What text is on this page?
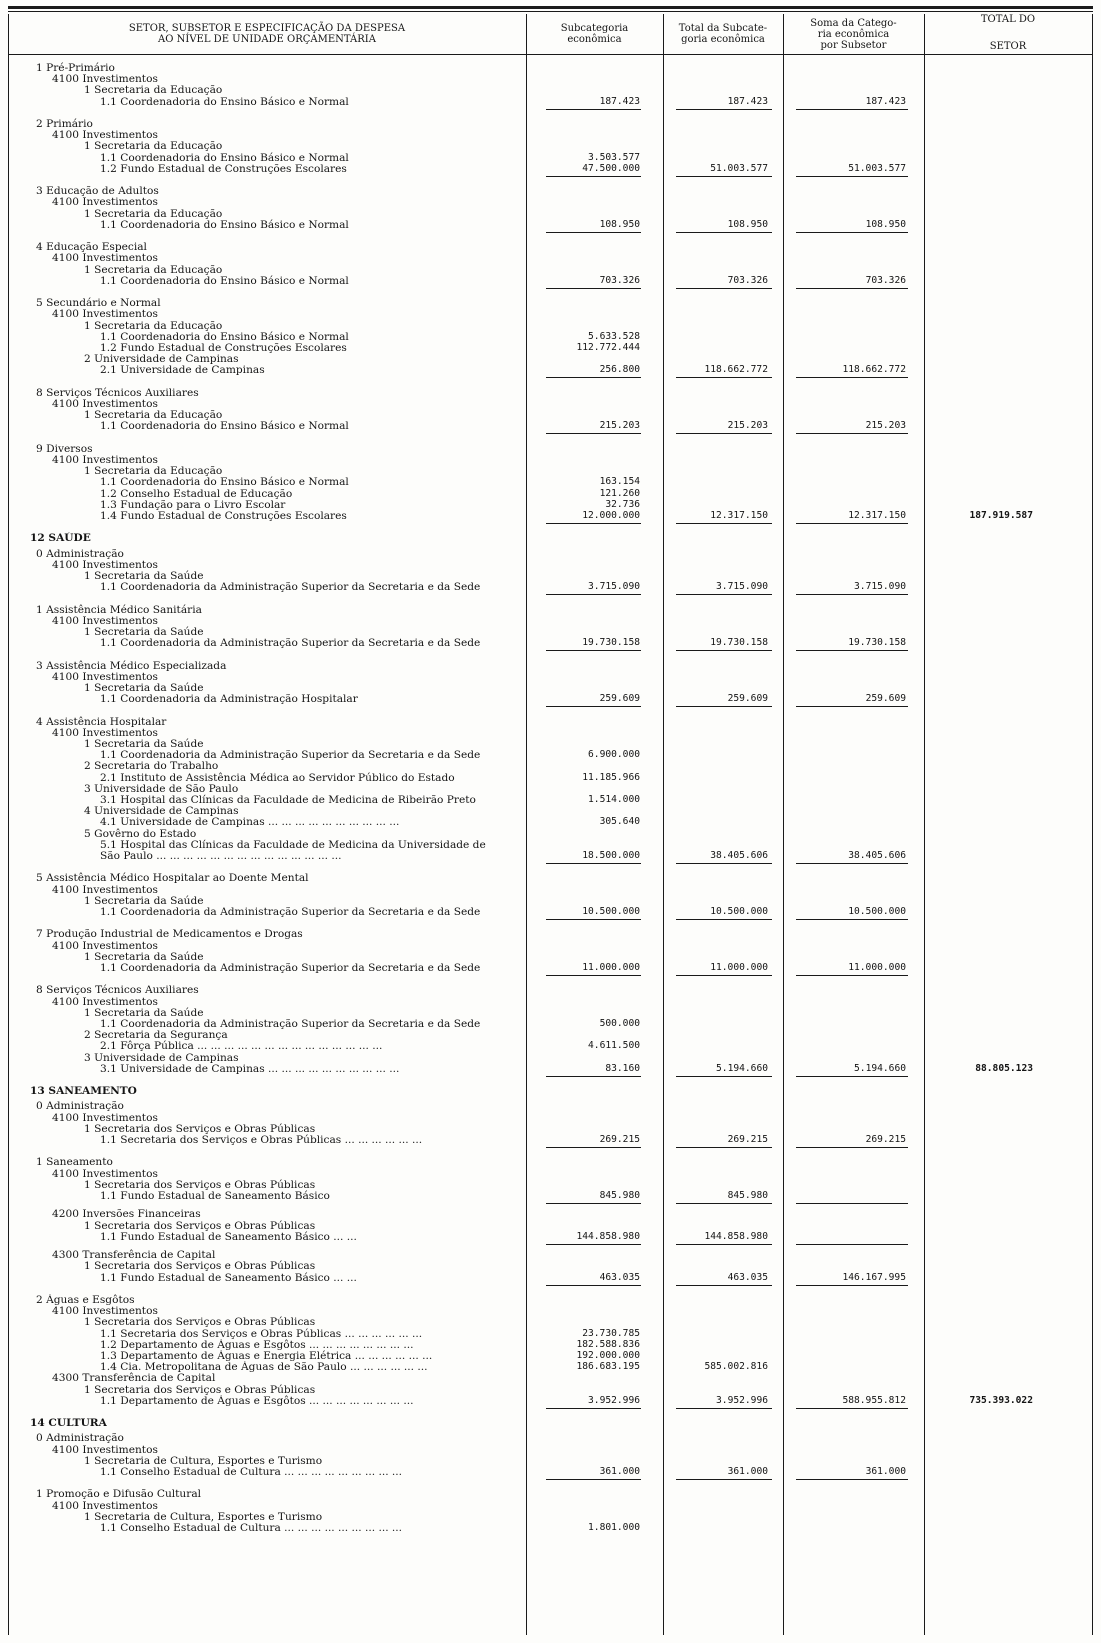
SETOR, SUBSETOR E ESPECIFICAÇÃO DA DESPESA
AO NÍVEL DE UNIDADE ORÇAMENTÁRIA
Subcategoria
econômica
Total da Subcate-
goria econômica
Soma da Catego-
ria econômica
por Subsetor
TOTAL DO
SETOR
1 Pré-Primário
4100 Investimentos
1 Secretaria da Educação
1.1 Coordenadoria do Ensino Básico e Normal	187.423	187.423	187.423
2 Primário
4100 Investimentos
1 Secretaria da Educação
1.1 Coordenadoria do Ensino Básico e Normal	3.503.577
1.2 Fundo Estadual de Construções Escolares	47.500.000	51.003.577	51.003.577
3 Educação de Adultos
4100 Investimentos
1 Secretaria da Educação
1.1 Coordenadoria do Ensino Básico e Normal	108.950	108.950	108.950
4 Educação Especial
4100 Investimentos
1 Secretaria da Educação
1.1 Coordenadoria do Ensino Básico e Normal	703.326	703.326	703.326
5 Secundário e Normal
4100 Investimentos
1 Secretaria da Educação
1.1 Coordenadoria do Ensino Básico e Normal	5.633.528
1.2 Fundo Estadual de Construções Escolares	112.772.444
2 Universidade de Campinas
2.1 Universidade de Campinas	256.800	118.662.772	118.662.772
8 Serviços Técnicos Auxiliares
4100 Investimentos
1 Secretaria da Educação
1.1 Coordenadoria do Ensino Básico e Normal	215.203	215.203	215.203
9 Diversos
4100 Investimentos
1 Secretaria da Educação
1.1 Coordenadoria do Ensino Básico e Normal	163.154
1.2 Conselho Estadual de Educação	121.260
1.3 Fundação para o Livro Escolar	32.736
1.4 Fundo Estadual de Construções Escolares	12.000.000	12.317.150	12.317.150	187.919.587
12 SAÚDE
0 Administração
4100 Investimentos
1 Secretaria da Saúde
1.1 Coordenadoria da Administração Superior da Secretaria e da Sede	3.715.090	3.715.090	3.715.090
1 Assistência Médico Sanitária
4100 Investimentos
1 Secretaria da Saúde
1.1 Coordenadoria da Administração Superior da Secretaria e da Sede	19.730.158	19.730.158	19.730.158
3 Assistência Médico Especializada
4100 Investimentos
1 Secretaria da Saúde
1.1 Coordenadoria da Administração Hospitalar	259.609	259.609	259.609
4 Assistência Hospitalar
4100 Investimentos
1 Secretaria da Saúde
1.1 Coordenadoria da Administração Superior da Secretaria e da Sede	6.900.000
2 Secretaria do Trabalho
2.1 Instituto de Assistência Médica ao Servidor Público do Estado	11.185.966
3 Universidade de São Paulo
3.1 Hospital das Clínicas da Faculdade de Medicina de Ribeirão Preto	1.514.000
4 Universidade de Campinas
4.1 Universidade de Campinas ... ... ... ... ... ... ... ... ... ...	305.640
5 Govêrno do Estado
5.1 Hospital das Clínicas da Faculdade de Medicina da Universidade de
São Paulo ... ... ... ... ... ... ... ... ... ... ... ... ... ...	18.500.000	38.405.606	38.405.606
5 Assistência Médico Hospitalar ao Doente Mental
4100 Investimentos
1 Secretaria da Saúde
1.1 Coordenadoria da Administração Superior da Secretaria e da Sede	10.500.000	10.500.000	10.500.000
7 Produção Industrial de Medicamentos e Drogas
4100 Investimentos
1 Secretaria da Saúde
1.1 Coordenadoria da Administração Superior da Secretaria e da Sede	11.000.000	11.000.000	11.000.000
8 Serviços Técnicos Auxiliares
4100 Investimentos
1 Secretaria da Saúde
1.1 Coordenadoria da Administração Superior da Secretaria e da Sede	500.000
2 Secretaria da Segurança
2.1 Fôrça Pública ... ... ... ... ... ... ... ... ... ... ... ... ... ...	4.611.500
3 Universidade de Campinas
3.1 Universidade de Campinas ... ... ... ... ... ... ... ... ... ...	83.160	5.194.660	5.194.660	88.805.123
13 SANEAMENTO
0 Administração
4100 Investimentos
1 Secretaria dos Serviços e Obras Públicas
1.1 Secretaria dos Serviços e Obras Públicas ... ... ... ... ... ...	269.215	269.215	269.215
1 Saneamento
4100 Investimentos
1 Secretaria dos Serviços e Obras Públicas
1.1 Fundo Estadual de Saneamento Básico	845.980	845.980
4200 Inversões Financeiras
1 Secretaria dos Serviços e Obras Públicas
1.1 Fundo Estadual de Saneamento Básico ... ...	144.858.980	144.858.980
4300 Transferência de Capital
1 Secretaria dos Serviços e Obras Públicas
1.1 Fundo Estadual de Saneamento Básico ... ...	463.035	463.035	146.167.995
2 Águas e Esgôtos
4100 Investimentos
1 Secretaria dos Serviços e Obras Públicas
1.1 Secretaria dos Serviços e Obras Públicas ... ... ... ... ... ...	23.730.785
1.2 Departamento de Águas e Esgôtos ... ... ... ... ... ... ... ...	182.588.836
1.3 Departamento de Águas e Energia Elétrica ... ... ... ... ... ...	192.000.000
1.4 Cia. Metropolitana de Águas de São Paulo ... ... ... ... ... ...	186.683.195	585.002.816
4300 Transferência de Capital
1 Secretaria dos Serviços e Obras Públicas
1.1 Departamento de Águas e Esgôtos ... ... ... ... ... ... ... ...	3.952.996	3.952.996	588.955.812	735.393.022
14 CULTURA
0 Administração
4100 Investimentos
1 Secretaria de Cultura, Esportes e Turismo
1.1 Conselho Estadual de Cultura ... ... ... ... ... ... ... ... ...	361.000	361.000	361.000
1 Promoção e Difusão Cultural
4100 Investimentos
1 Secretaria de Cultura, Esportes e Turismo
1.1 Conselho Estadual de Cultura ... ... ... ... ... ... ... ... ...	1.801.000
